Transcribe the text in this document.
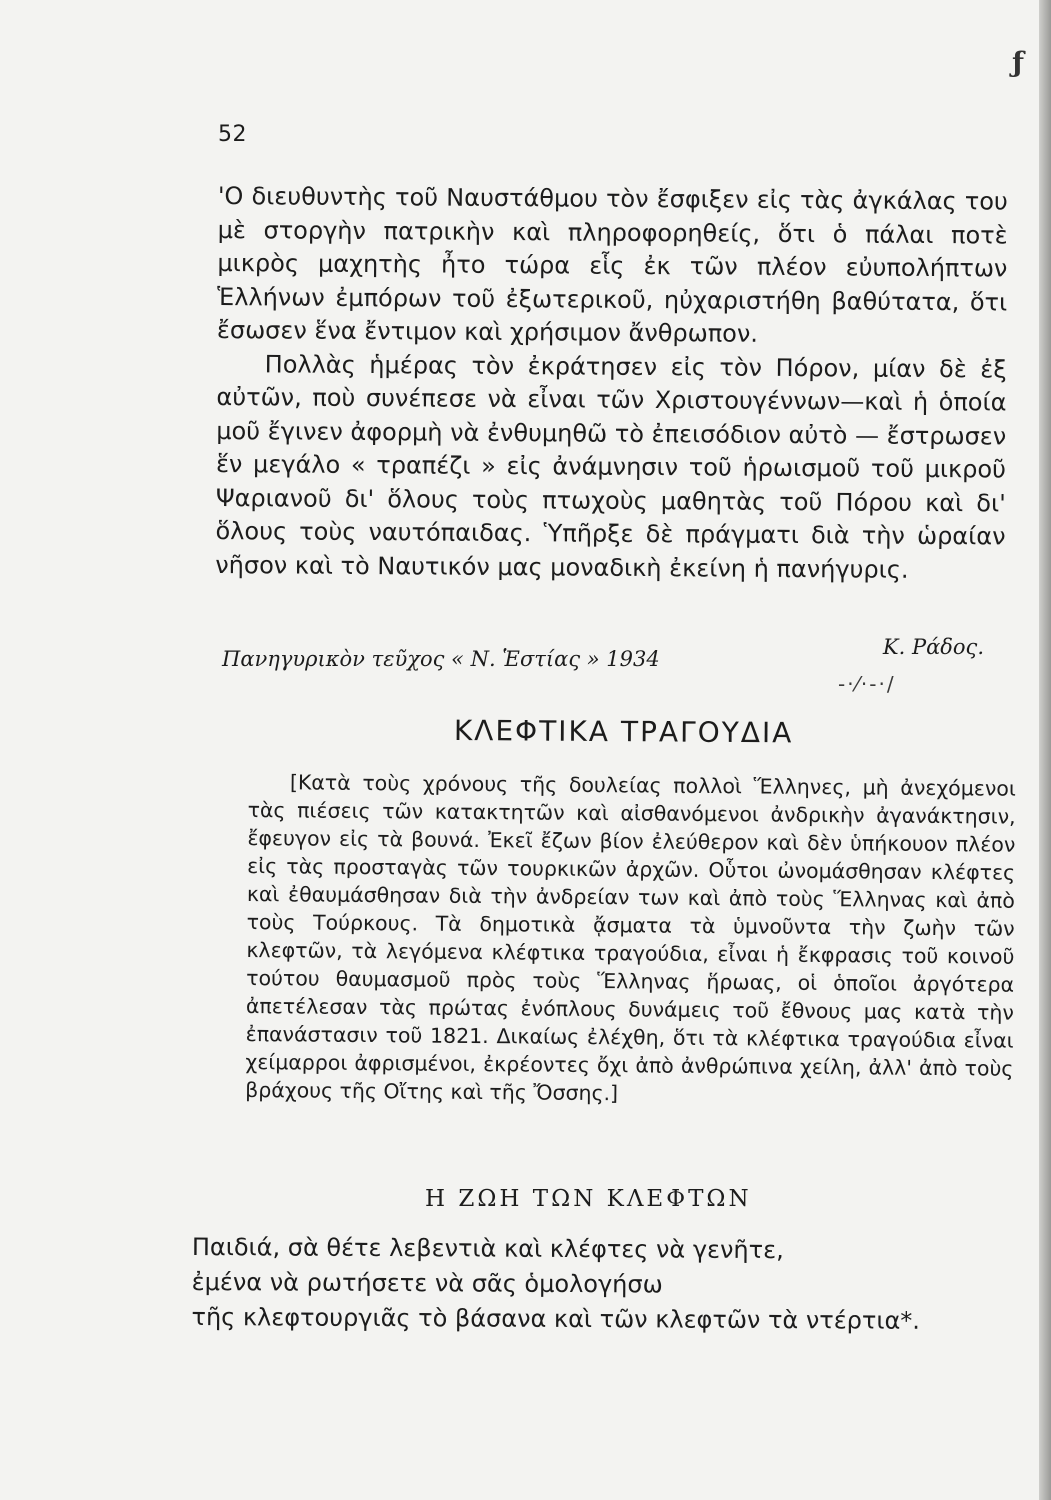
ƒ
52

'Ο διευθυντὴς τοῦ Ναυστάθμου τὸν ἔσφιξεν εἰς τὰς ἀγκάλας του μὲ στοργὴν πατρικὴν καὶ πληροφορηθείς, ὅτι ὁ πάλαι ποτὲ μικρὸς μαχητὴς ἦτο τώρα εἷς ἐκ τῶν πλέον εὐυπολήπτων Ἑλλήνων ἐμπόρων τοῦ ἐξωτερικοῦ, ηὐχαριστήθη βαθύτατα, ὅτι ἔσωσεν ἕνα ἔντιμον καὶ χρήσιμον ἄνθρωπον.

Πολλὰς ἡμέρας τὸν ἐκράτησεν εἰς τὸν Πόρον, μίαν δὲ ἐξ αὐτῶν, ποὺ συνέπεσε νὰ εἶναι τῶν Χριστουγέννων—καὶ ἡ ὁποία μοῦ ἔγινεν ἀφορμὴ νὰ ἐνθυμηθῶ τὸ ἐπεισόδιον αὐτὸ — ἔστρωσεν ἕν μεγάλο « τραπέζι » εἰς ἀνάμνησιν τοῦ ἡρωισμοῦ τοῦ μικροῦ Ψαριανοῦ δι' ὅλους τοὺς πτωχοὺς μαθητὰς τοῦ Πόρου καὶ δι' ὅλους τοὺς ναυτόπαιδας. Ὑπῆρξε δὲ πράγματι διὰ τὴν ὡραίαν νῆσον καὶ τὸ Ναυτικόν μας μοναδικὴ ἐκείνη ἡ πανήγυρις.

Πανηγυρικὸν τεῦχος « Ν. Ἑστίας » 1934	Κ. Ράδος.
-·⁄·-·/
ΚΛΕΦΤΙΚΑ ΤΡΑΓΟΥΔΙΑ

[Κατὰ τοὺς χρόνους τῆς δουλείας πολλοὶ Ἕλληνες, μὴ ἀνεχόμενοι τὰς πιέσεις τῶν κατακτητῶν καὶ αἰσθανόμενοι ἀνδρικὴν ἀγανάκτησιν, ἔφευγον εἰς τὰ βουνά. Ἐκεῖ ἔζων βίον ἐλεύθερον καὶ δὲν ὑπήκουον πλέον εἰς τὰς προσταγὰς τῶν τουρκικῶν ἀρχῶν. Οὗτοι ὠνομάσθησαν κλέφτες καὶ ἐθαυμάσθησαν διὰ τὴν ἀνδρείαν των καὶ ἀπὸ τοὺς Ἕλληνας καὶ ἀπὸ τοὺς Τούρκους. Τὰ δημοτικὰ ᾄσματα τὰ ὑμνοῦντα τὴν ζωὴν τῶν κλεφτῶν, τὰ λεγόμενα κλέφτικα τραγούδια, εἶναι ἡ ἔκφρασις τοῦ κοινοῦ τούτου θαυμασμοῦ πρὸς τοὺς Ἕλληνας ἥρωας, οἱ ὁποῖοι ἀργότερα ἀπετέλεσαν τὰς πρώτας ἐνόπλους δυνάμεις τοῦ ἔθνους μας κατὰ τὴν ἐπανάστασιν τοῦ 1821. Δικαίως ἐλέχθη, ὅτι τὰ κλέφτικα τραγούδια εἶναι χείμαρροι ἀφρισμένοι, ἐκρέοντες ὄχι ἀπὸ ἀνθρώπινα χείλη, ἀλλ' ἀπὸ τοὺς βράχους τῆς Οἴτης καὶ τῆς Ὄσσης.]

Η ΖΩΗ ΤΩΝ ΚΛΕΦΤΩΝ
Παιδιά, σὰ θέτε λεβεντιὰ καὶ κλέφτες νὰ γενῆτε,
ἐμένα νὰ ρωτήσετε νὰ σᾶς ὁμολογήσω
τῆς κλεφτουργιᾶς τὸ βάσανα καὶ τῶν κλεφτῶν τὰ ντέρτια*.
